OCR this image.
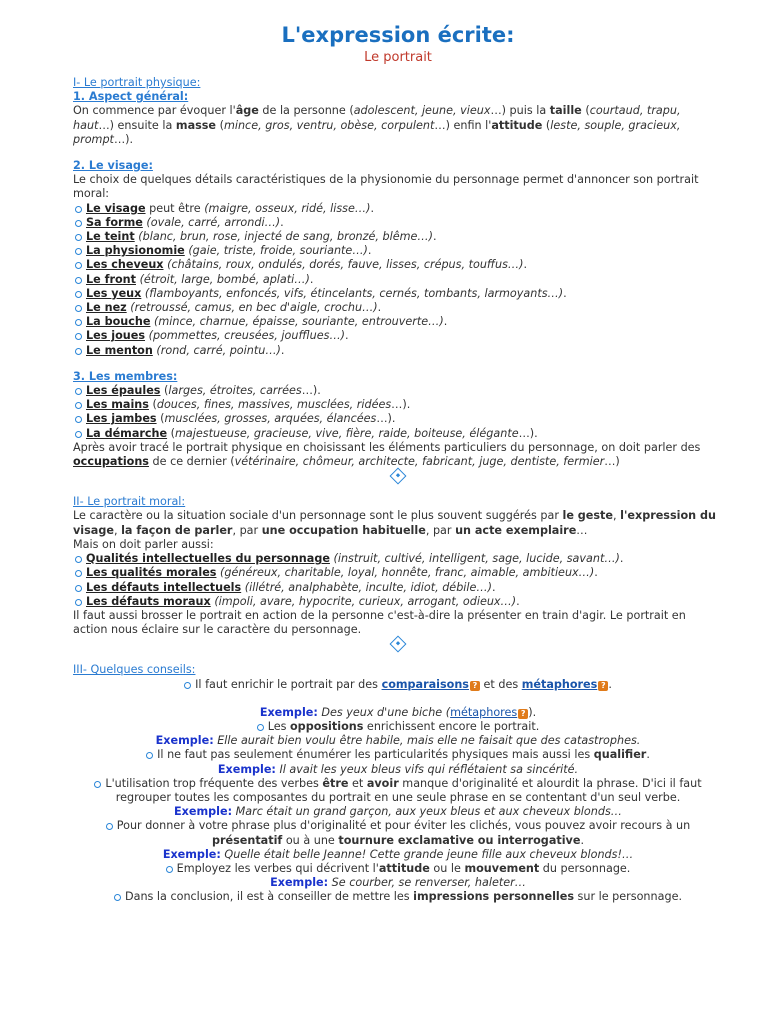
L'expression écrite:
Le portrait
I- Le portrait physique:
1. Aspect général:
On commence par évoquer l'âge de la personne (adolescent, jeune, vieux…) puis la taille (courtaud, trapu,
haut…) ensuite la masse (mince, gros, ventru, obèse, corpulent…) enfin l'attitude (leste, souple, gracieux,
prompt…).
2. Le visage:
Le choix de quelques détails caractéristiques de la physionomie du personnage permet d'annoncer son portrait
moral:
Le visage peut être (maigre, osseux, ridé, lisse…).
Sa forme (ovale, carré, arrondi…).
Le teint (blanc, brun, rose, injecté de sang, bronzé, blême…).
La physionomie (gaie, triste, froide, souriante…).
Les cheveux (châtains, roux, ondulés, dorés, fauve, lisses, crépus, touffus…).
Le front (étroit, large, bombé, aplati…).
Les yeux (flamboyants, enfoncés, vifs, étincelants, cernés, tombants, larmoyants…).
Le nez (retroussé, camus, en bec d'aigle, crochu…).
La bouche (mince, charnue, épaisse, souriante, entrouverte…).
Les joues (pommettes, creusées, joufflues…).
Le menton (rond, carré, pointu…).
3. Les membres:
Les épaules (larges, étroites, carrées…).
Les mains (douces, fines, massives, musclées, ridées…).
Les jambes (musclées, grosses, arquées, élancées…).
La démarche (majestueuse, gracieuse, vive, fière, raide, boiteuse, élégante…).
Après avoir tracé le portrait physique en choisissant les éléments particuliers du personnage, on doit parler des
occupations de ce dernier (vétérinaire, chômeur, architecte, fabricant, juge, dentiste, fermier…)
II- Le portrait moral:
Le caractère ou la situation sociale d'un personnage sont le plus souvent suggérés par le geste, l'expression du
visage, la façon de parler, par une occupation habituelle, par un acte exemplaire…
Mais on doit parler aussi:
Qualités intellectuelles du personnage (instruit, cultivé, intelligent, sage, lucide, savant…).
Les qualités morales (généreux, charitable, loyal, honnête, franc, aimable, ambitieux…).
Les défauts intellectuels (illétré, analphabète, inculte, idiot, débile…).
Les défauts moraux (impoli, avare, hypocrite, curieux, arrogant, odieux…).
Il faut aussi brosser le portrait en action de la personne c'est-à-dire la présenter en train d'agir. Le portrait en
action nous éclaire sur le caractère du personnage.
III- Quelques conseils:
Il faut enrichir le portrait par des comparaisons ? et des métaphores ? .
Exemple: Des yeux d'une biche (métaphores ? ).
Les oppositions enrichissent encore le portrait.
Exemple: Elle aurait bien voulu être habile, mais elle ne faisait que des catastrophes.
Il ne faut pas seulement énumérer les particularités physiques mais aussi les qualifier.
Exemple: Il avait les yeux bleus vifs qui réflétaient sa sincérité.
L'utilisation trop fréquente des verbes être et avoir manque d'originalité et alourdit la phrase. D'ici il faut
regrouper toutes les composantes du portrait en une seule phrase en se contentant d'un seul verbe.
Exemple: Marc était un grand garçon, aux yeux bleus et aux cheveux blonds…
Pour donner à votre phrase plus d'originalité et pour éviter les clichés, vous pouvez avoir recours à un
présentatif ou à une tournure exclamative ou interrogative.
Exemple: Quelle était belle Jeanne! Cette grande jeune fille aux cheveux blonds!…
Employez les verbes qui décrivent l'attitude ou le mouvement du personnage.
Exemple: Se courber, se renverser, haleter…
Dans la conclusion, il est à conseiller de mettre les impressions personnelles sur le personnage.
